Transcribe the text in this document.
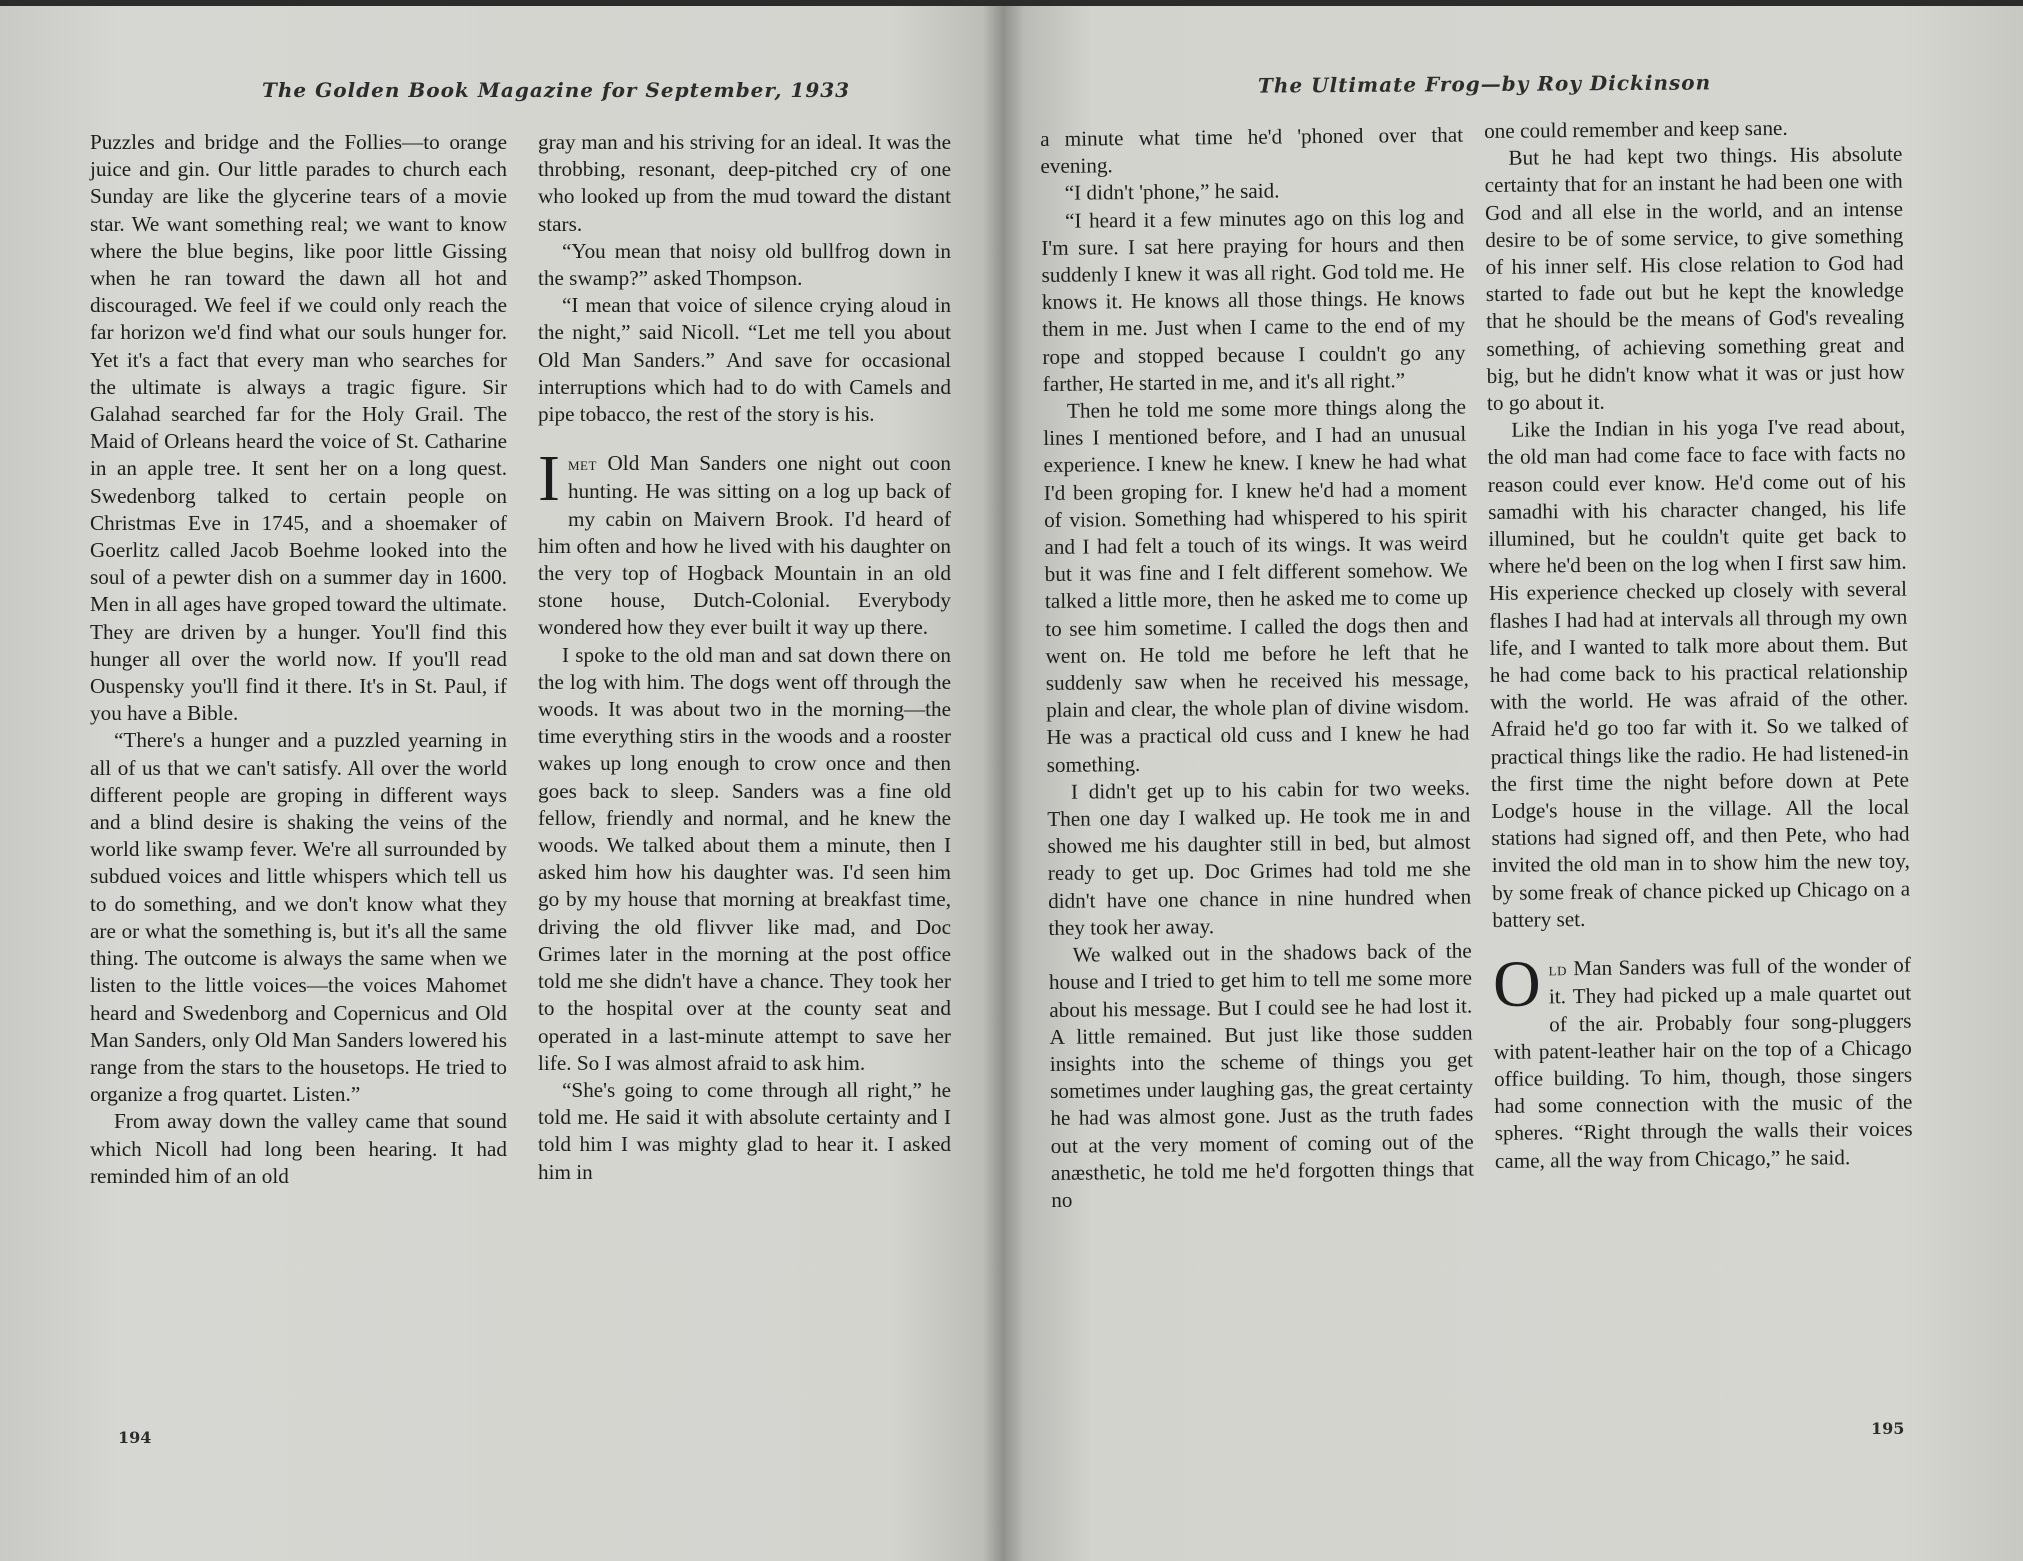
The Golden Book Magazine for September, 1933

Puzzles and bridge and the Follies—to orange juice and gin. Our little parades to church each Sunday are like the glycerine tears of a movie star. We want something real; we want to know where the blue begins, like poor little Gissing when he ran toward the dawn all hot and discouraged. We feel if we could only reach the far horizon we'd find what our souls hunger for. Yet it's a fact that every man who searches for the ultimate is always a tragic figure. Sir Galahad searched far for the Holy Grail. The Maid of Orleans heard the voice of St. Catharine in an apple tree. It sent her on a long quest. Swedenborg talked to certain people on Christmas Eve in 1745, and a shoemaker of Goerlitz called Jacob Boehme looked into the soul of a pewter dish on a summer day in 1600. Men in all ages have groped toward the ultimate. They are driven by a hunger. You'll find this hunger all over the world now. If you'll read Ouspensky you'll find it there. It's in St. Paul, if you have a Bible.

“There's a hunger and a puzzled yearning in all of us that we can't satisfy. All over the world different people are groping in different ways and a blind desire is shaking the veins of the world like swamp fever. We're all surrounded by subdued voices and little whispers which tell us to do something, and we don't know what they are or what the something is, but it's all the same thing. The outcome is always the same when we listen to the little voices—the voices Mahomet heard and Swedenborg and Copernicus and Old Man Sanders, only Old Man Sanders lowered his range from the stars to the housetops. He tried to organize a frog quartet. Listen.”

From away down the valley came that sound which Nicoll had long been hearing. It had reminded him of an old

gray man and his striving for an ideal. It was the throbbing, resonant, deep-pitched cry of one who looked up from the mud toward the distant stars.

“You mean that noisy old bullfrog down in the swamp?” asked Thompson.

“I mean that voice of silence crying aloud in the night,” said Nicoll. “Let me tell you about Old Man Sanders.” And save for occasional interruptions which had to do with Camels and pipe tobacco, the rest of the story is his.

Imet Old Man Sanders one night out coon hunting. He was sitting on a log up back of my cabin on Maivern Brook. I'd heard of him often and how he lived with his daughter on the very top of Hogback Mountain in an old stone house, Dutch-Colonial. Everybody wondered how they ever built it way up there.

I spoke to the old man and sat down there on the log with him. The dogs went off through the woods. It was about two in the morning—the time everything stirs in the woods and a rooster wakes up long enough to crow once and then goes back to sleep. Sanders was a fine old fellow, friendly and normal, and he knew the woods. We talked about them a minute, then I asked him how his daughter was. I'd seen him go by my house that morning at breakfast time, driving the old flivver like mad, and Doc Grimes later in the morning at the post office told me she didn't have a chance. They took her to the hospital over at the county seat and operated in a last-minute attempt to save her life. So I was almost afraid to ask him.

“She's going to come through all right,” he told me. He said it with absolute certainty and I told him I was mighty glad to hear it. I asked him in

194
The Ultimate Frog—by Roy Dickinson

a minute what time he'd 'phoned over that evening.

“I didn't 'phone,” he said.

“I heard it a few minutes ago on this log and I'm sure. I sat here praying for hours and then suddenly I knew it was all right. God told me. He knows it. He knows all those things. He knows them in me. Just when I came to the end of my rope and stopped because I couldn't go any farther, He started in me, and it's all right.”

Then he told me some more things along the lines I mentioned before, and I had an unusual experience. I knew he knew. I knew he had what I'd been groping for. I knew he'd had a moment of vision. Something had whispered to his spirit and I had felt a touch of its wings. It was weird but it was fine and I felt different somehow. We talked a little more, then he asked me to come up to see him sometime. I called the dogs then and went on. He told me before he left that he suddenly saw when he received his message, plain and clear, the whole plan of divine wisdom. He was a practical old cuss and I knew he had something.

I didn't get up to his cabin for two weeks. Then one day I walked up. He took me in and showed me his daughter still in bed, but almost ready to get up. Doc Grimes had told me she didn't have one chance in nine hundred when they took her away.

We walked out in the shadows back of the house and I tried to get him to tell me some more about his message. But I could see he had lost it. A little remained. But just like those sudden insights into the scheme of things you get sometimes under laughing gas, the great certainty he had was almost gone. Just as the truth fades out at the very moment of coming out of the anæsthetic, he told me he'd forgotten things that no

one could remember and keep sane.

But he had kept two things. His absolute certainty that for an instant he had been one with God and all else in the world, and an intense desire to be of some service, to give something of his inner self. His close relation to God had started to fade out but he kept the knowledge that he should be the means of God's revealing something, of achieving something great and big, but he didn't know what it was or just how to go about it.

Like the Indian in his yoga I've read about, the old man had come face to face with facts no reason could ever know. He'd come out of his samadhi with his character changed, his life illumined, but he couldn't quite get back to where he'd been on the log when I first saw him. His experience checked up closely with several flashes I had had at intervals all through my own life, and I wanted to talk more about them. But he had come back to his practical relationship with the world. He was afraid of the other. Afraid he'd go too far with it. So we talked of practical things like the radio. He had listened-in the first time the night before down at Pete Lodge's house in the village. All the local stations had signed off, and then Pete, who had invited the old man in to show him the new toy, by some freak of chance picked up Chicago on a battery set.

Old Man Sanders was full of the wonder of it. They had picked up a male quartet out of the air. Probably four song-pluggers with patent-leather hair on the top of a Chicago office building. To him, though, those singers had some connection with the music of the spheres. “Right through the walls their voices came, all the way from Chicago,” he said.

195
